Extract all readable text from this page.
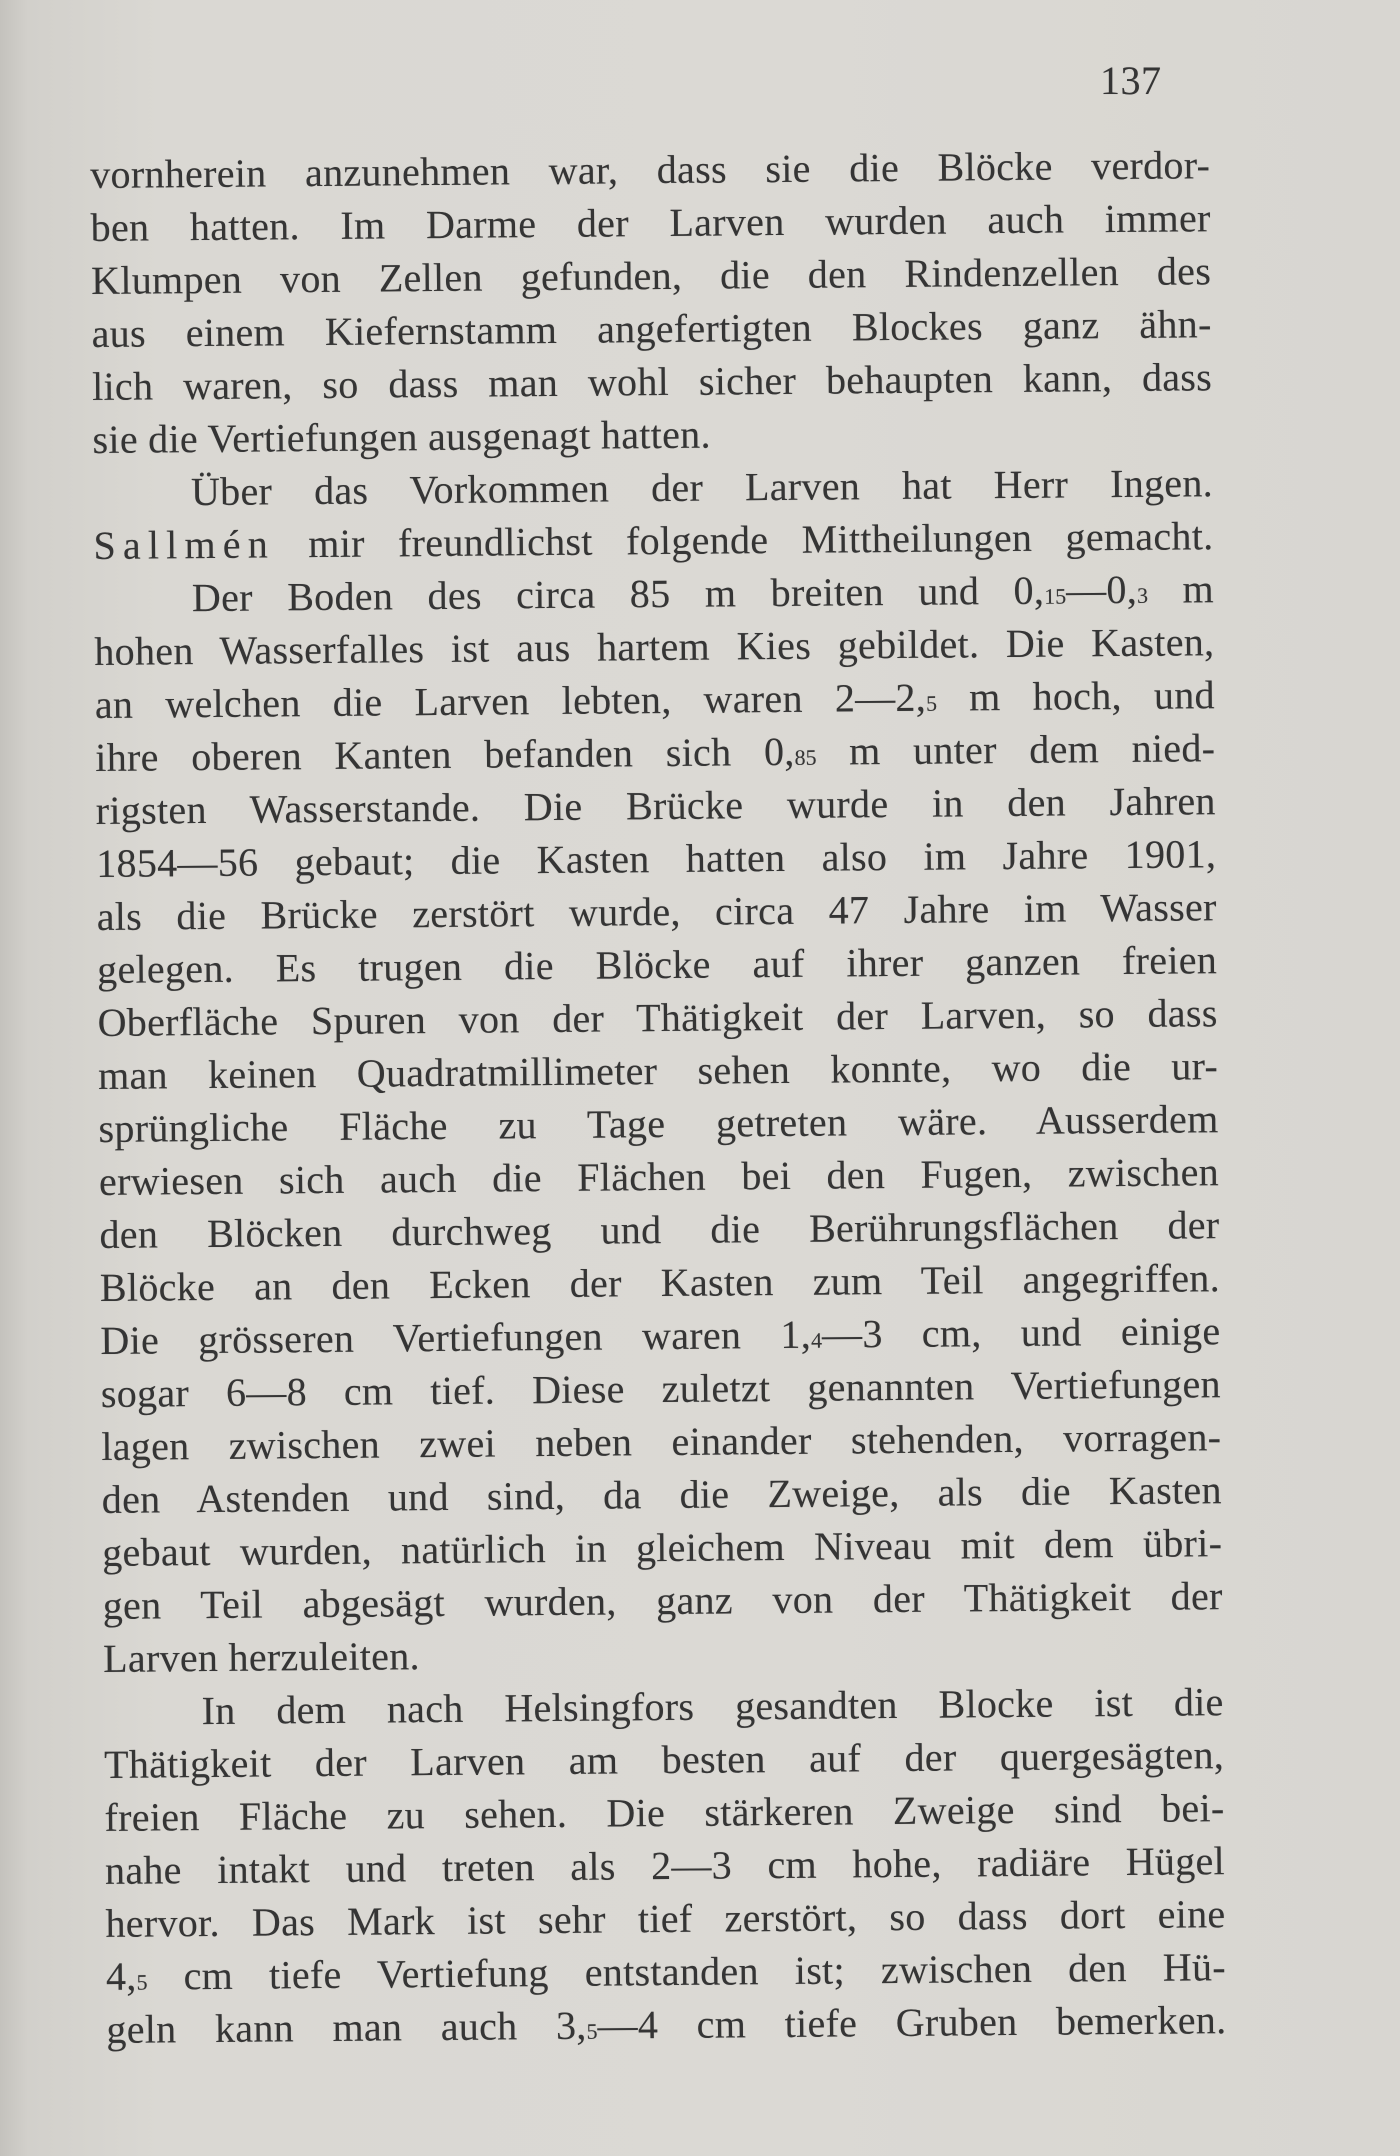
137
vornherein anzunehmen war, dass sie die Blöcke verdor-
ben hatten. Im Darme der Larven wurden auch immer
Klumpen von Zellen gefunden, die den Rindenzellen des
aus einem Kiefernstamm angefertigten Blockes ganz ähn-
lich waren, so dass man wohl sicher behaupten kann, dass
sie die Vertiefungen ausgenagt hatten.
Über das Vorkommen der Larven hat Herr Ingen.
Sallmén mir freundlichst folgende Mittheilungen gemacht.
Der Boden des circa 85 m breiten und 0,15—0,3 m
hohen Wasserfalles ist aus hartem Kies gebildet. Die Kasten,
an welchen die Larven lebten, waren 2—2,5 m hoch, und
ihre oberen Kanten befanden sich 0,85 m unter dem nied-
rigsten Wasserstande. Die Brücke wurde in den Jahren
1854—56 gebaut; die Kasten hatten also im Jahre 1901,
als die Brücke zerstört wurde, circa 47 Jahre im Wasser
gelegen. Es trugen die Blöcke auf ihrer ganzen freien
Oberfläche Spuren von der Thätigkeit der Larven, so dass
man keinen Quadratmillimeter sehen konnte, wo die ur-
sprüngliche Fläche zu Tage getreten wäre. Ausserdem
erwiesen sich auch die Flächen bei den Fugen, zwischen
den Blöcken durchweg und die Berührungsflächen der
Blöcke an den Ecken der Kasten zum Teil angegriffen.
Die grösseren Vertiefungen waren 1,4—3 cm, und einige
sogar 6—8 cm tief. Diese zuletzt genannten Vertiefungen
lagen zwischen zwei neben einander stehenden, vorragen-
den Astenden und sind, da die Zweige, als die Kasten
gebaut wurden, natürlich in gleichem Niveau mit dem übri-
gen Teil abgesägt wurden, ganz von der Thätigkeit der
Larven herzuleiten.
In dem nach Helsingfors gesandten Blocke ist die
Thätigkeit der Larven am besten auf der quergesägten,
freien Fläche zu sehen. Die stärkeren Zweige sind bei-
nahe intakt und treten als 2—3 cm hohe, radiäre Hügel
hervor. Das Mark ist sehr tief zerstört, so dass dort eine
4,5 cm tiefe Vertiefung entstanden ist; zwischen den Hü-
geln kann man auch 3,5—4 cm tiefe Gruben bemerken.
